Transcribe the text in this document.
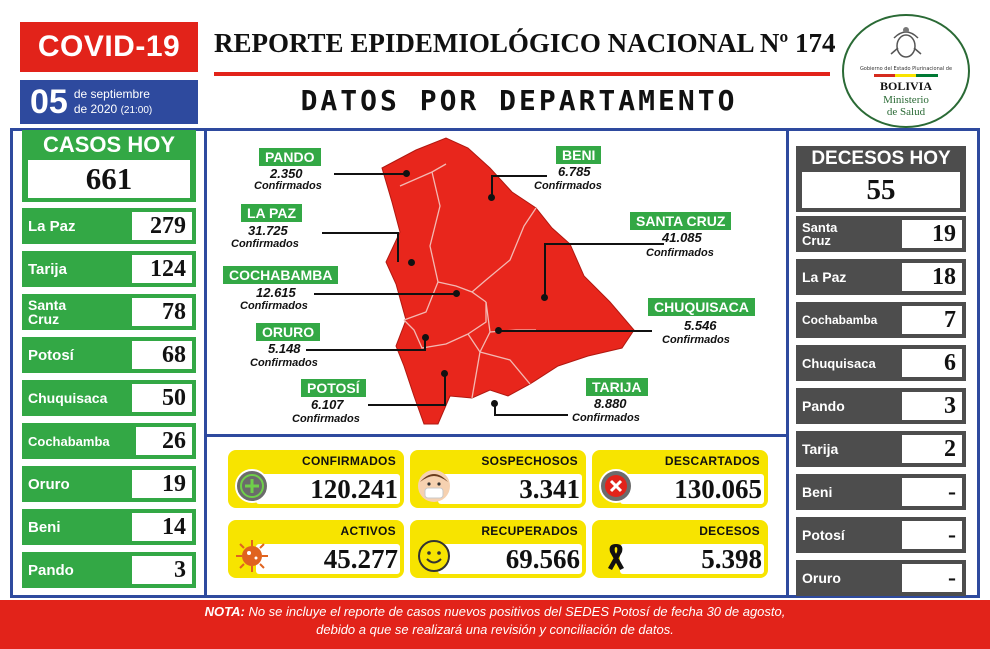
COVID-19	REPORTE EPIDEMIOLÓGICO NACIONAL Nº 174
05 de septiembre
de 2020 (21:00)	DATOS POR DEPARTAMENTO
Gobierno del Estado Plurinacional de
BOLIVIA
Ministerio
de Salud
CASOS HOY
661
La Paz	279
Tarija	124
Santa Cruz	78
Potosí	68
Chuquisaca	50
Cochabamba	26
Oruro	19
Beni	14
Pando	3
DECESOS HOY
55
Santa Cruz	19
La Paz	18
Cochabamba	7
Chuquisaca	6
Pando	3
Tarija	2
Beni	-
Potosí	-
Oruro	-
PANDO
2.350
Confirmados
BENI
6.785
Confirmados
LA PAZ
31.725
Confirmados
SANTA CRUZ
41.085
Confirmados
COCHABAMBA
12.615
Confirmados	CHUQUISACA
5.546
Confirmados
ORURO
5.148
Confirmados
POTOSÍ
6.107
Confirmados
TARIJA
8.880
Confirmados
CONFIRMADOS
120.241
SOSPECHOSOS
3.341
DESCARTADOS
130.065
ACTIVOS
45.277
RECUPERADOS
69.566
DECESOS
5.398
NOTA: No se incluye el reporte de casos nuevos positivos del SEDES Potosí de fecha 30 de agosto,
debido a que se realizará una revisión y conciliación de datos.
